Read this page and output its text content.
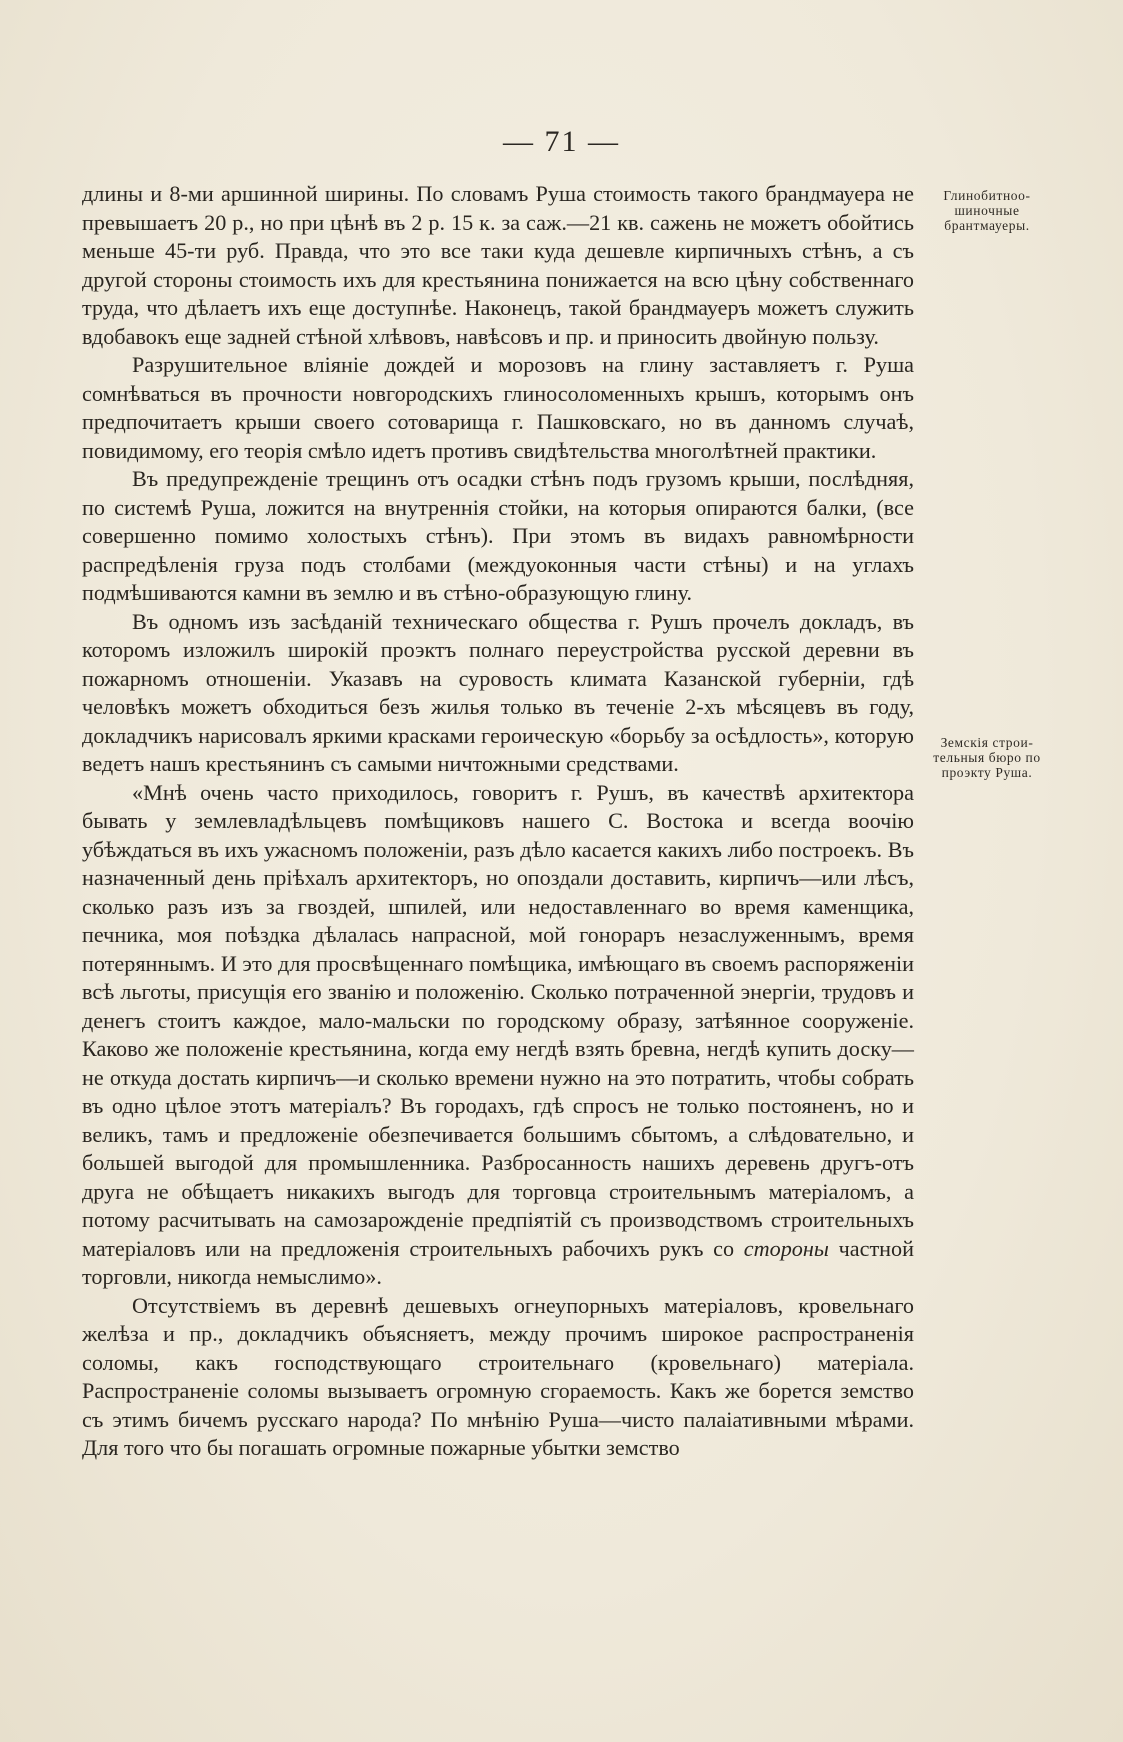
— 71 —

длины и 8-ми аршинной ширины. По словамъ Руша стоимость такого брандмауера не превышаетъ 20 р., но при цѣнѣ въ 2 р. 15 к. за саж.—21 кв. сажень не можетъ обойтись меньше 45-ти руб. Правда, что это все таки куда дешевле кирпичныхъ стѣнъ, а съ другой стороны стоимость ихъ для крестьянина понижается на всю цѣну собственнаго труда, что дѣлаетъ ихъ еще доступнѣе. Наконецъ, такой брандмауеръ можетъ служить вдобавокъ еще задней стѣной хлѣвовъ, навѣсовъ и пр. и приносить двойную пользу.

Разрушительное вліяніе дождей и морозовъ на глину заставляетъ г. Руша сомнѣваться въ прочности новгородскихъ глиносоломенныхъ крышъ, которымъ онъ предпочитаетъ крыши своего сотоварища г. Пашковскаго, но въ данномъ случаѣ, повидимому, его теорія смѣло идетъ противъ свидѣтельства многолѣтней практики.

Въ предупрежденіе трещинъ отъ осадки стѣнъ подъ грузомъ крыши, послѣдняя, по системѣ Руша, ложится на внутреннія стойки, на которыя опираются балки, (все совершенно помимо холостыхъ стѣнъ). При этомъ въ видахъ равномѣрности распредѣленія груза подъ столбами (междуоконныя части стѣны) и на углахъ подмѣшиваются камни въ землю и въ стѣно-образующую глину.

Въ одномъ изъ засѣданій техническаго общества г. Рушъ прочелъ докладъ, въ которомъ изложилъ широкій проэктъ полнаго переустройства русской деревни въ пожарномъ отношеніи. Указавъ на суровость климата Казанской губерніи, гдѣ человѣкъ можетъ обходиться безъ жилья только въ теченіе 2-хъ мѣсяцевъ въ году, докладчикъ нарисовалъ яркими красками героическую «борьбу за осѣдлость», которую ведетъ нашъ крестьянинъ съ самыми ничтожными средствами.

«Мнѣ очень часто приходилось, говоритъ г. Рушъ, въ качествѣ архитектора бывать у землевладѣльцевъ помѣщиковъ нашего С. Востока и всегда воочію убѣждаться въ ихъ ужасномъ положеніи, разъ дѣло касается какихъ либо построекъ. Въ назначенный день пріѣхалъ архитекторъ, но опоздали доставить, кирпичъ—или лѣсъ, сколько разъ изъ за гвоздей, шпилей, или недоставленнаго во время каменщика, печника, моя поѣздка дѣлалась напрасной, мой гонораръ незаслуженнымъ, время потеряннымъ. И это для просвѣщеннаго помѣщика, имѣющаго въ своемъ распоряженіи всѣ льготы, присущія его званію и положенію. Сколько потраченной энергіи, трудовъ и денегъ стоитъ каждое, мало-мальски по городскому образу, затѣянное сооруженіе. Каково же положеніе крестьянина, когда ему негдѣ взять бревна, негдѣ купить доску—не откуда достать кирпичъ—и сколько времени нужно на это потратить, чтобы собрать въ одно цѣлое этотъ матеріалъ? Въ городахъ, гдѣ спросъ не только постояненъ, но и великъ, тамъ и предложеніе обезпечивается большимъ сбытомъ, а слѣдовательно, и большей выгодой для промышленника. Разбросанность нашихъ деревень другъ-отъ друга не обѣщаетъ никакихъ выгодъ для торговца строительнымъ матеріаломъ, а потому расчитывать на самозарожденіе предпіятій съ производствомъ строительныхъ матеріаловъ или на предложенія строительныхъ рабочихъ рукъ со стороны частной торговли, никогда немыслимо».

Отсутствіемъ въ деревнѣ дешевыхъ огнеупорныхъ матеріаловъ, кровельнаго желѣза и пр., докладчикъ объясняетъ, между прочимъ широкое распространенія соломы, какъ господствующаго строительнаго (кровельнаго) матеріала. Распространеніе соломы вызываетъ огромную сгораемость. Какъ же борется земство съ этимъ бичемъ русскаго народа? По мнѣнію Руша—чисто палаіативными мѣрами. Для того что бы погашать огромные пожарные убытки земство

Глинобитноо-шиночные брантмауеры.
Земскія строи-тельныя бюро по проэкту Руша.
